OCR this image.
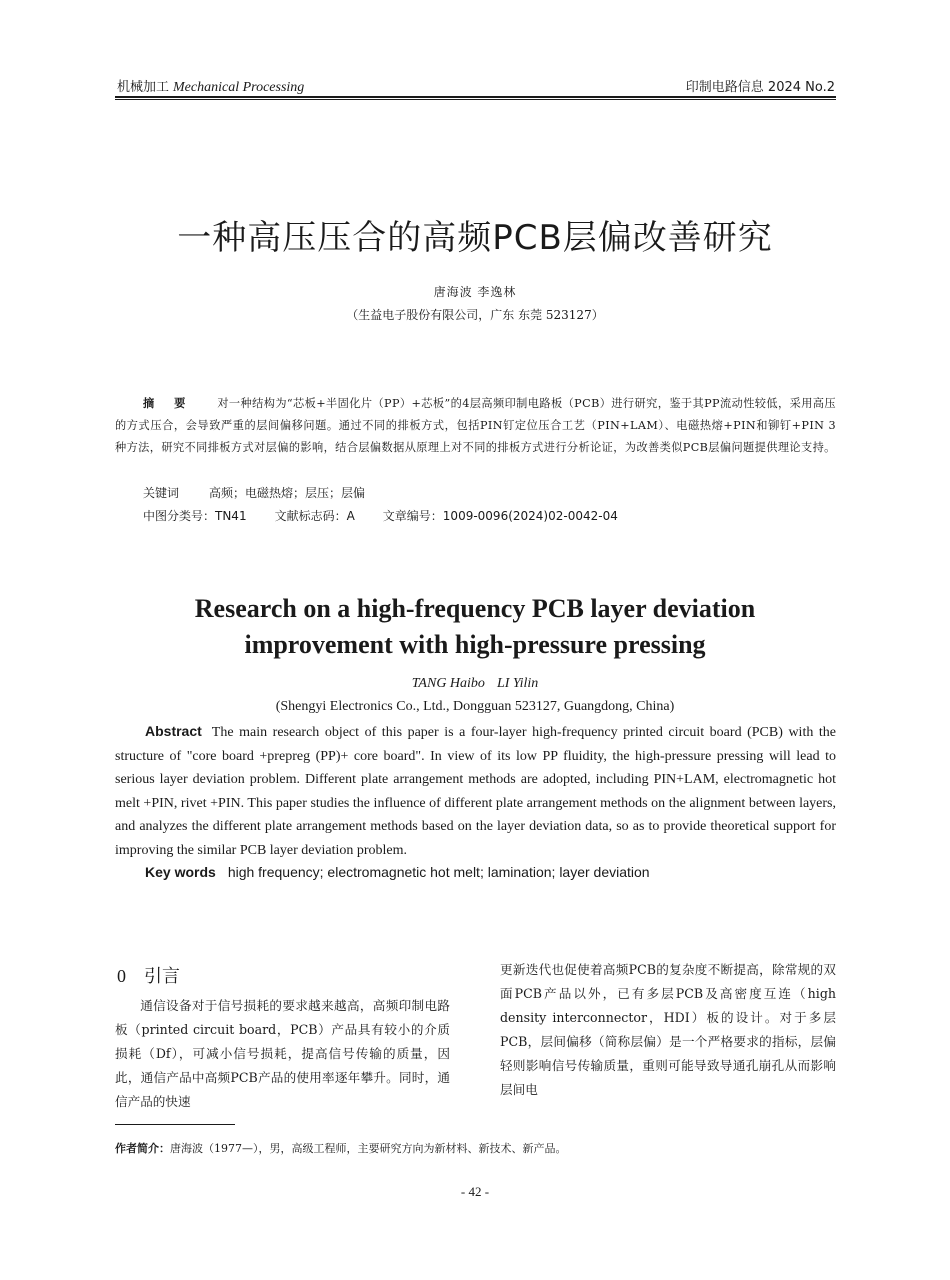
机械加工 Mechanical Processing	印制电路信息 2024 No.2
一种高压压合的高频PCB层偏改善研究
唐海波 李逸林
（生益电子股份有限公司，广东 东莞 523127）
摘 要 对一种结构为“芯板+半固化片（PP）+芯板”的4层高频印制电路板（PCB）进行研究，鉴于其PP流动性较低，采用高压的方式压合，会导致严重的层间偏移问题。通过不同的排板方式，包括PIN钉定位压合工艺（PIN+LAM）、电磁热熔+PIN和铆钉+PIN 3种方法，研究不同排板方式对层偏的影响，结合层偏数据从原理上对不同的排板方式进行分析论证，为改善类似PCB层偏问题提供理论支持。
关键词	高频；电磁热熔；层压；层偏
中图分类号：TN41 文献标志码：A 文章编号：1009-0096(2024)02-0042-04
Research on a high-frequency PCB layer deviation
improvement with high-pressure pressing
TANG Haibo LI Yilin
(Shengyi Electronics Co., Ltd., Dongguan 523127, Guangdong, China)
Abstract The main research object of this paper is a four-layer high-frequency printed circuit board (PCB) with the structure of "core board +prepreg (PP)+ core board". In view of its low PP fluidity, the high-pressure pressing will lead to serious layer deviation problem. Different plate arrangement methods are adopted, including PIN+LAM, electromagnetic hot melt +PIN, rivet +PIN. This paper studies the influence of different plate arrangement methods on the alignment between layers, and analyzes the different plate arrangement methods based on the layer deviation data, so as to provide theoretical support for improving the similar PCB layer deviation problem.
Key words high frequency; electromagnetic hot melt; lamination; layer deviation
0 引言

通信设备对于信号损耗的要求越来越高，高频印制电路板（printed circuit board，PCB）产品具有较小的介质损耗（Df），可减小信号损耗，提高信号传输的质量，因此，通信产品中高频PCB产品的使用率逐年攀升。同时，通信产品的快速

更新迭代也促使着高频PCB的复杂度不断提高，除常规的双面PCB产品以外，已有多层PCB及高密度互连（high density interconnector，HDI）板的设计。对于多层PCB，层间偏移（简称层偏）是一个严格要求的指标，层偏轻则影响信号传输质量，重则可能导致导通孔崩孔从而影响层间电

作者简介：唐海波（1977—），男，高级工程师，主要研究方向为新材料、新技术、新产品。
- 42 -
